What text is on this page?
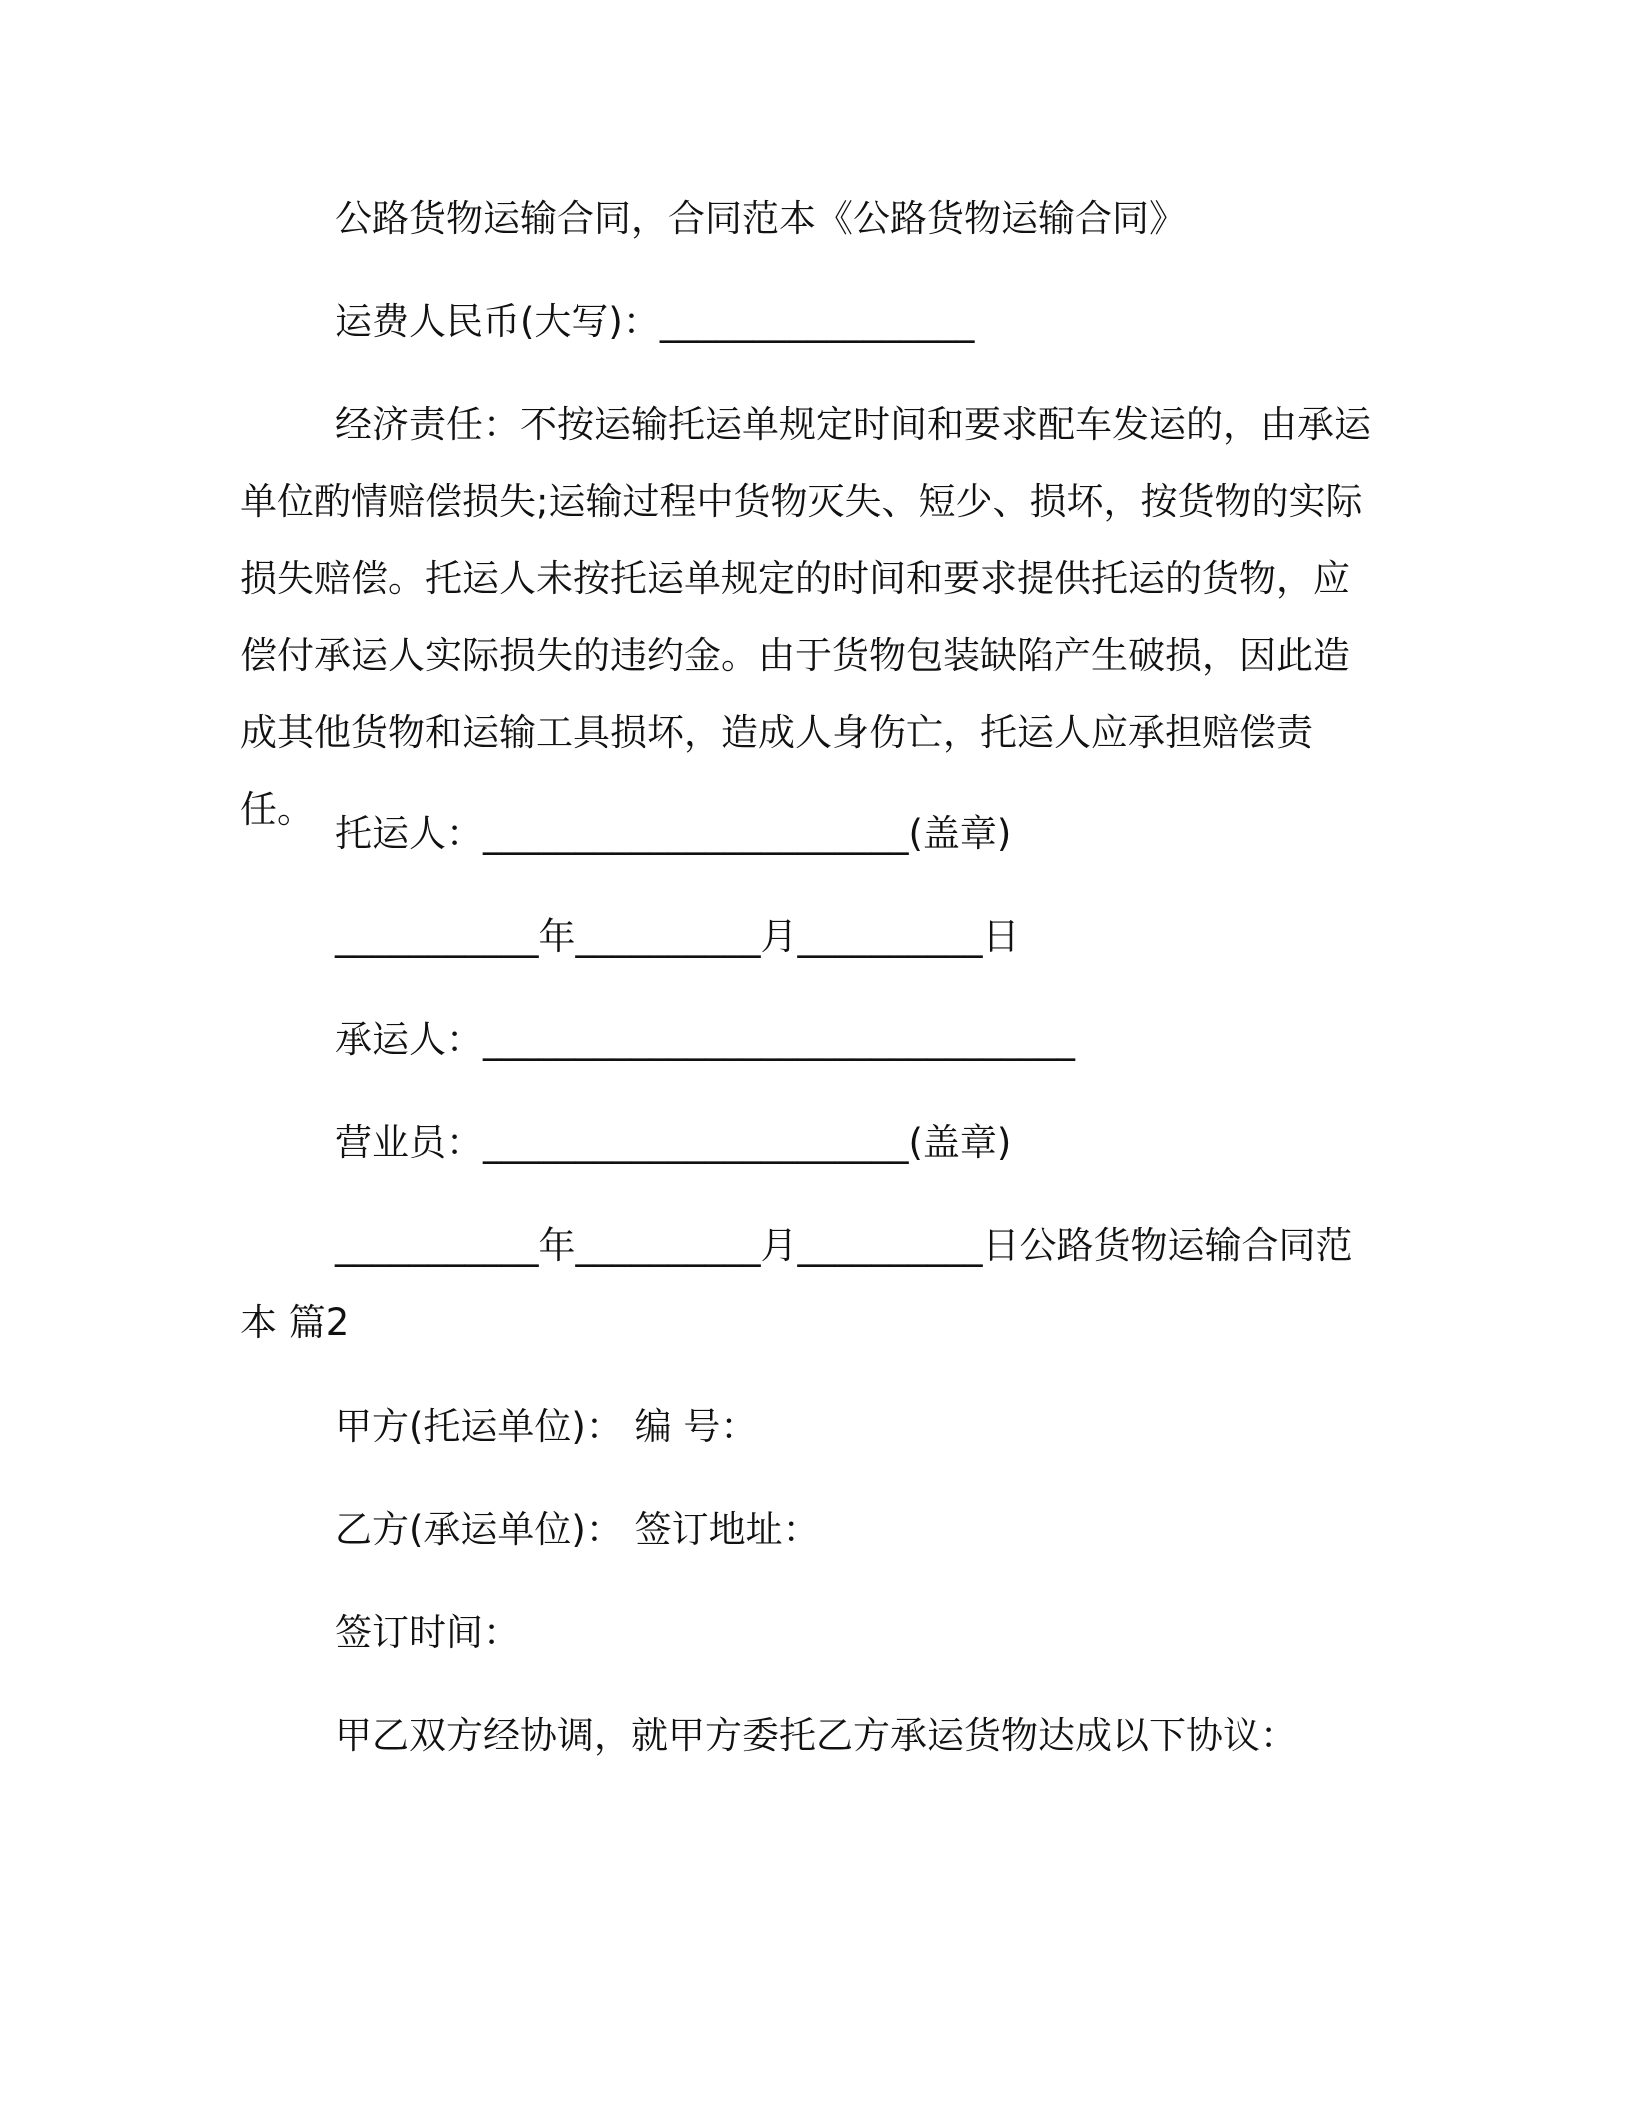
公路货物运输合同，合同范本《公路货物运输合同》

运费人民币(大写)：_________________

经济责任：不按运输托运单规定时间和要求配车发运的，由承运单位酌情赔偿损失;运输过程中货物灭失、短少、损坏，按货物的实际损失赔偿。托运人未按托运单规定的时间和要求提供托运的货物，应偿付承运人实际损失的违约金。由于货物包装缺陷产生破损，因此造成其他货物和运输工具损坏，造成人身伤亡，托运人应承担赔偿责任。

托运人：_______________________(盖章)

___________年__________月__________日

承运人：________________________________

营业员：_______________________(盖章)

___________年__________月__________日公路货物运输合同范本 篇2

甲方(托运单位)： 编 号：

乙方(承运单位)： 签订地址：

签订时间：

甲乙双方经协调，就甲方委托乙方承运货物达成以下协议：
